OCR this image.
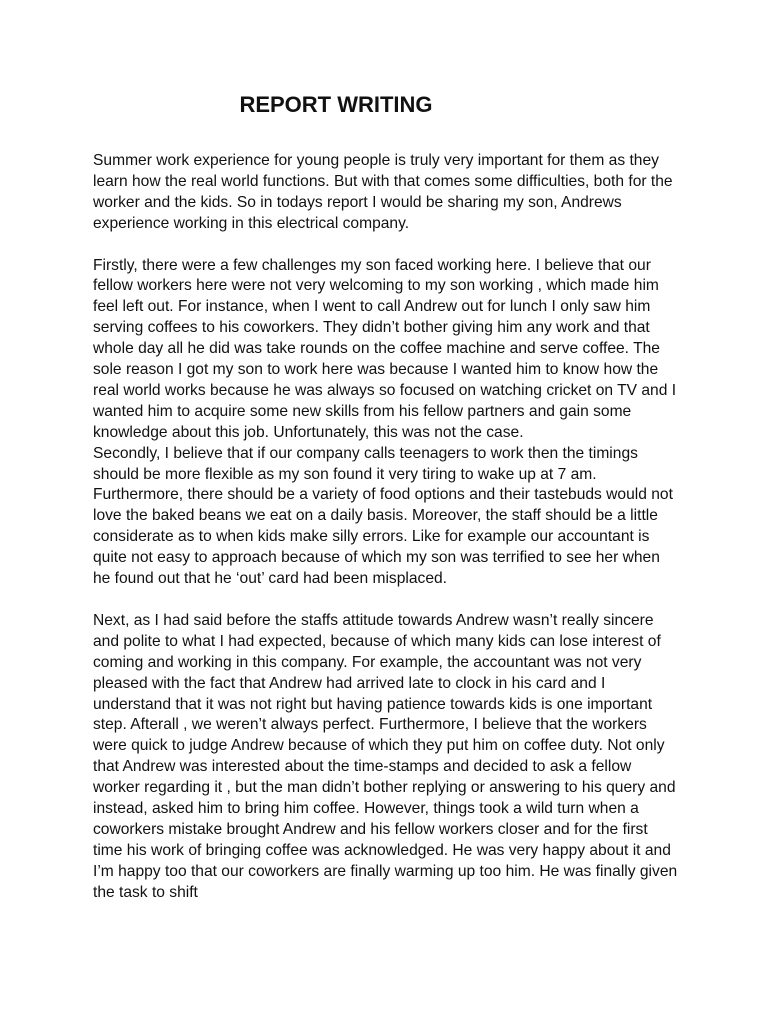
REPORT WRITING

Summer work experience for young people is truly very important for them as they learn how the real world functions. But with that comes some difficulties, both for the worker and the kids. So in todays report I would be sharing my son, Andrews experience working in this electrical company.

Firstly, there were a few challenges my son faced working here. I believe that our fellow workers here were not very welcoming to my son working , which made him feel left out. For instance, when I went to call Andrew out for lunch I only saw him serving coffees to his coworkers. They didn’t bother giving him any work and that whole day all he did was take rounds on the coffee machine and serve coffee. The sole reason I got my son to work here was because I wanted him to know how the real world works because he was always so focused on watching cricket on TV and I wanted him to acquire some new skills from his fellow partners and gain some knowledge about this job. Unfortunately, this was not the case.

Secondly, I believe that if our company calls teenagers to work then the timings should be more flexible as my son found it very tiring to wake up at 7 am. Furthermore, there should be a variety of food options and their tastebuds would not love the baked beans we eat on a daily basis. Moreover, the staff should be a little considerate as to when kids make silly errors. Like for example our accountant is quite not easy to approach because of which my son was terrified to see her when he found out that he ‘out’ card had been misplaced.

Next, as I had said before the staffs attitude towards Andrew wasn’t really sincere and polite to what I had expected, because of which many kids can lose interest of coming and working in this company. For example, the accountant was not very pleased with the fact that Andrew had arrived late to clock in his card and I understand that it was not right but having patience towards kids is one important step. Afterall , we weren’t always perfect. Furthermore, I believe that the workers were quick to judge Andrew because of which they put him on coffee duty. Not only that Andrew was interested about the time-stamps and decided to ask a fellow worker regarding it , but the man didn’t bother replying or answering to his query and instead, asked him to bring him coffee. However, things took a wild turn when a coworkers mistake brought Andrew and his fellow workers closer and for the first time his work of bringing coffee was acknowledged. He was very happy about it and I’m happy too that our coworkers are finally warming up too him. He was finally given the task to shift
